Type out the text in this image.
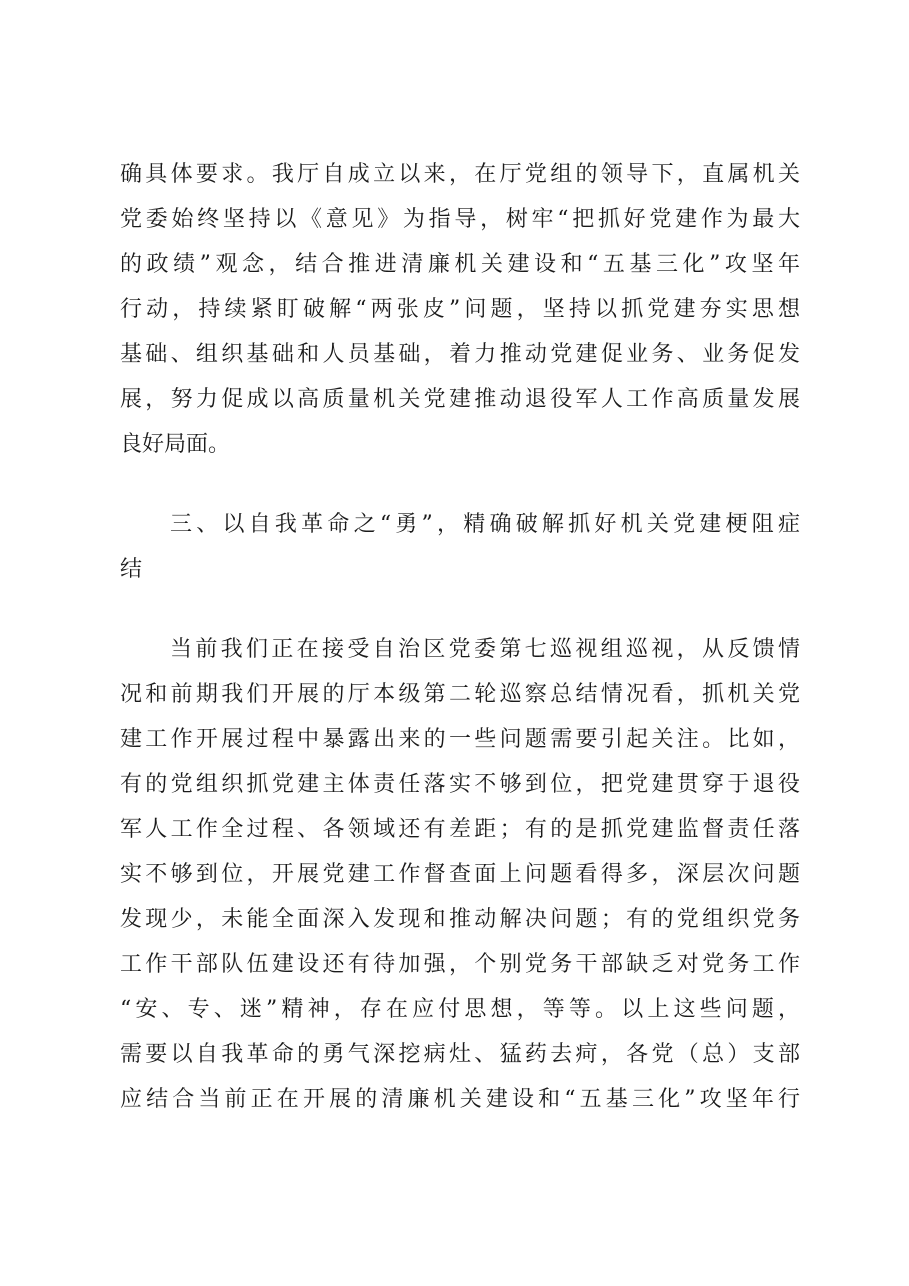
确具体要求。我厅自成立以来，在厅党组的领导下，直属机关

党委始终坚持以《意见》为指导，树牢“把抓好党建作为最大

的政绩”观念，结合推进清廉机关建设和“五基三化”攻坚年

行动，持续紧盯破解“两张皮”问题，坚持以抓党建夯实思想

基础、组织基础和人员基础，着力推动党建促业务、业务促发

展，努力促成以高质量机关党建推动退役军人工作高质量发展

良好局面。

三、以自我革命之“勇”，精确破解抓好机关党建梗阻症

结

当前我们正在接受自治区党委第七巡视组巡视，从反馈情

况和前期我们开展的厅本级第二轮巡察总结情况看，抓机关党

建工作开展过程中暴露出来的一些问题需要引起关注。比如，

有的党组织抓党建主体责任落实不够到位，把党建贯穿于退役

军人工作全过程、各领域还有差距；有的是抓党建监督责任落

实不够到位，开展党建工作督查面上问题看得多，深层次问题

发现少，未能全面深入发现和推动解决问题；有的党组织党务

工作干部队伍建设还有待加强，个别党务干部缺乏对党务工作

“安、专、迷”精神，存在应付思想，等等。以上这些问题，

需要以自我革命的勇气深挖病灶、猛药去疴，各党（总）支部

应结合当前正在开展的清廉机关建设和“五基三化”攻坚年行
